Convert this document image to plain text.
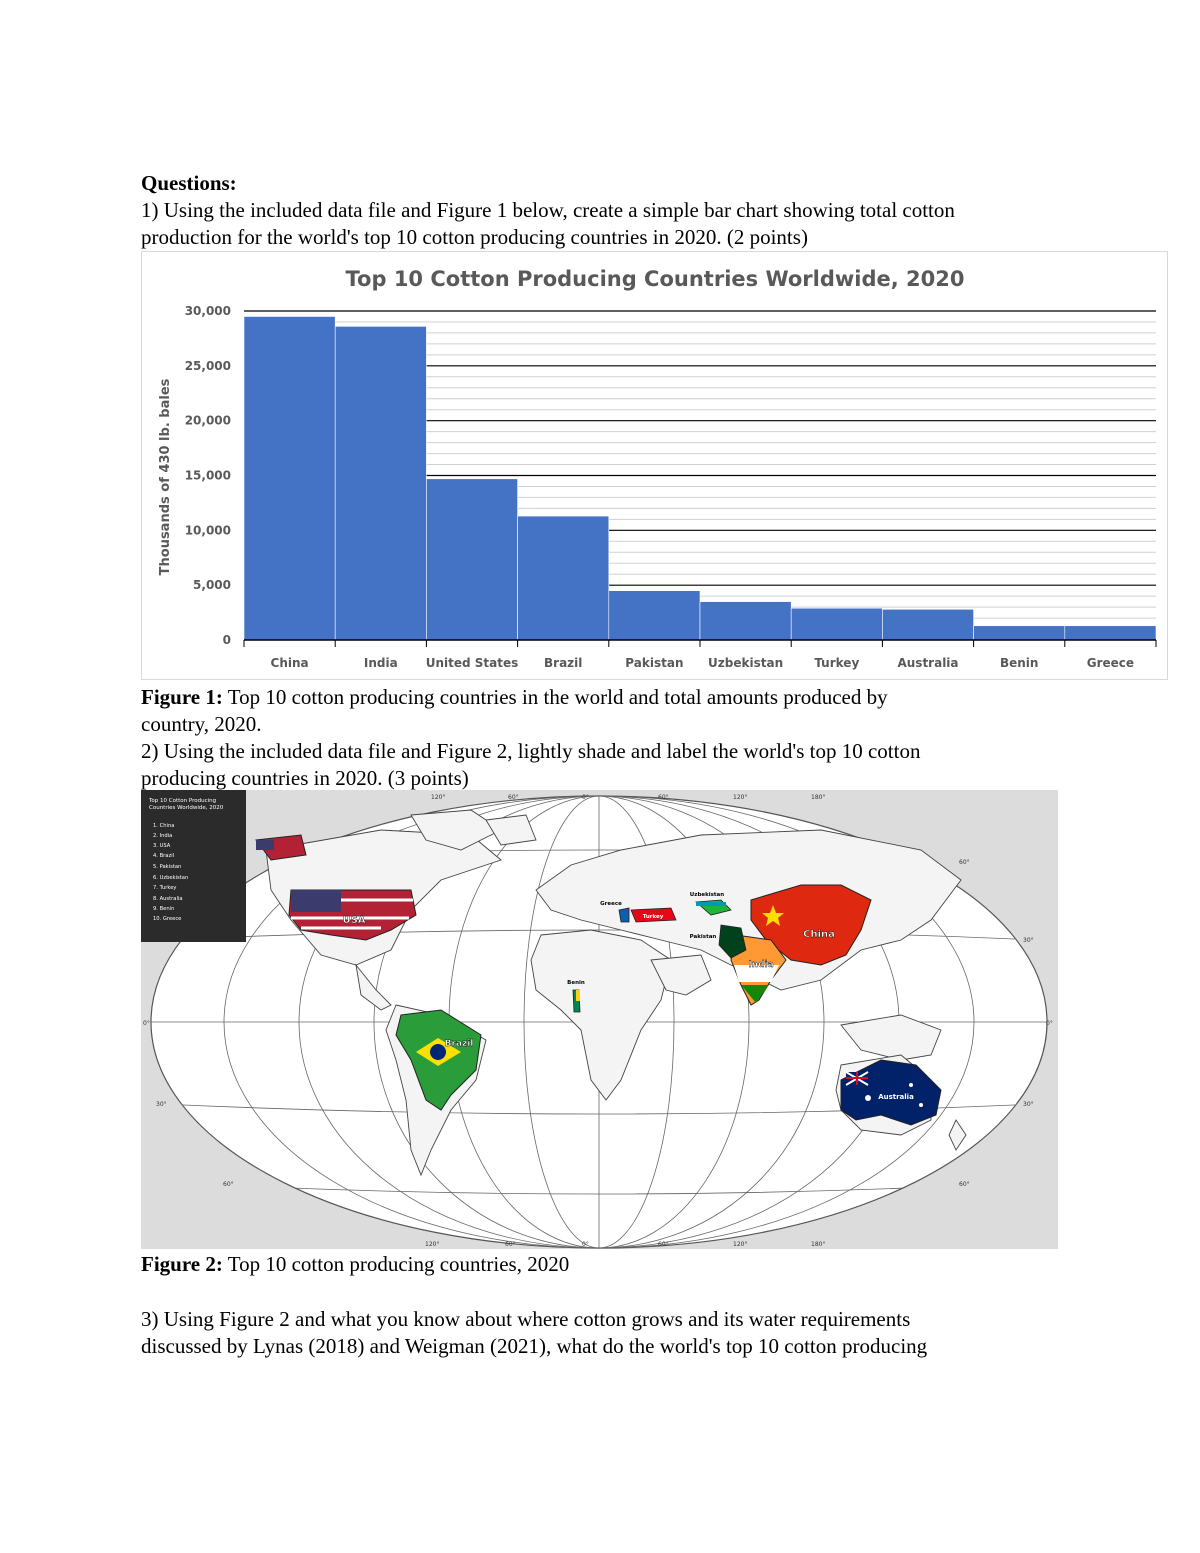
Questions:
1) Using the included data file and Figure 1 below, create a simple bar chart showing total cotton
production for the world's top 10 cotton producing countries in 2020. (2 points)
Top 10 Cotton Producing Countries Worldwide, 2020
Thousands of 430 lb. bales
0
5,000
10,000
15,000
20,000
25,000
30,000
China	India United States Brazil	Pakistan Uzbekistan	Turkey	Australia	Benin	Greece
Figure 1: Top 10 cotton producing countries in the world and total amounts produced by
country, 2020.
2) Using the included data file and Figure 2, lightly shade and label the world's top 10 cotton
producing countries in 2020. (3 points)
USA
Brazil
China
India
Pakistan
Uzbekistan
Turkey
Greece
Benin
Australia
120°	60°	0°	60°	120°	180°
120°	60°	0°	60°	120°	180°
60°
30°
0°	0°
30°	30°
60°	60°
Top 10 Cotton Producing Countries Worldwide, 2020
1. China
2. India
3. USA
4. Brazil
5. Pakistan
6. Uzbekistan
7. Turkey
8. Australia
9. Benin
10. Greece
Figure 2: Top 10 cotton producing countries, 2020
3) Using Figure 2 and what you know about where cotton grows and its water requirements
discussed by Lynas (2018) and Weigman (2021), what do the world's top 10 cotton producing
